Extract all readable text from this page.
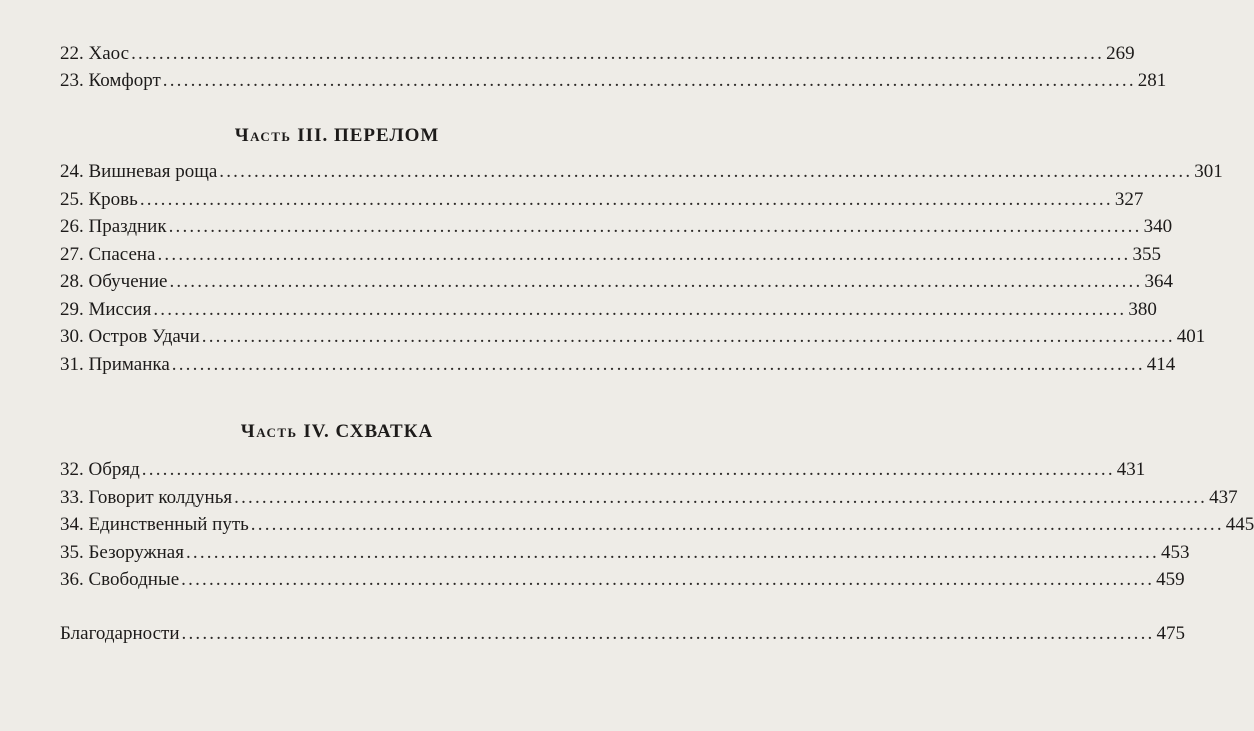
22. Хаос ............................................................................................................................................ 269
23. Комфорт ............................................................................................................................................ 281
Часть III. ПЕРЕЛОМ
24. Вишневая роща ............................................................................................................................................ 301
25. Кровь ............................................................................................................................................ 327
26. Праздник ............................................................................................................................................ 340
27. Спасена ............................................................................................................................................ 355
28. Обучение ............................................................................................................................................ 364
29. Миссия ............................................................................................................................................ 380
30. Остров Удачи ............................................................................................................................................ 401
31. Приманка ............................................................................................................................................ 414
Часть IV. СХВАТКА
32. Обряд ............................................................................................................................................ 431
33. Говорит колдунья ............................................................................................................................................ 437
34. Единственный путь ............................................................................................................................................ 445
35. Безоружная ............................................................................................................................................ 453
36. Свободные ............................................................................................................................................ 459
Благодарности ............................................................................................................................................ 475
